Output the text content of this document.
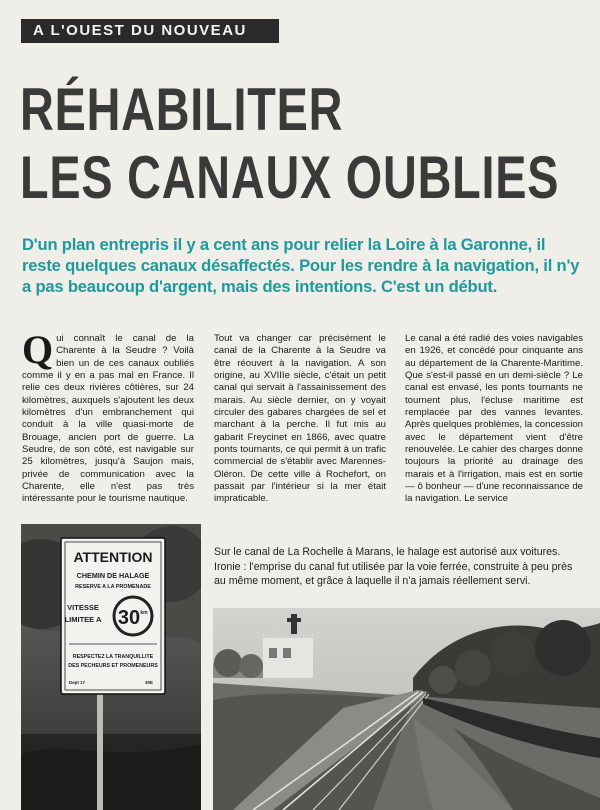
A L'OUEST DU NOUVEAU
RÉHABILITER
LES CANAUX OUBLIES

D'un plan entrepris il y a cent ans pour relier la Loire à la Garonne, il reste quelques canaux désaffectés. Pour les rendre à la navigation, il n'y a pas beaucoup d'argent, mais des intentions. C'est un début.

Qui connaît le canal de la Charente à la Seudre ? Voilà bien un de ces canaux oubliés comme il y en a pas mal en France. Il relie ces deux rivières côtières, sur 24 kilomètres, auxquels s'ajoutent les deux kilomètres d'un embranchement qui conduit à la ville quasi-morte de Brouage, ancien port de guerre. La Seudre, de son côté, est navigable sur 25 kilomètres, jusqu'à Saujon mais, privée de communication avec la Charente, elle n'est pas très intéressante pour le tourisme nautique.

Tout va changer car précisément le canal de la Charente à la Seudre va être réouvert à la navigation. A son origine, au XVIIIe siècle, c'était un petit canal qui servait à l'assainissement des marais. Au siècle dernier, on y voyait circuler des gabares chargées de sel et marchant à la perche. Il fut mis au gabarit Freycinet en 1866, avec quatre ponts tournants, ce qui permit à un trafic commercial de s'établir avec Marennes-Oléron. De cette ville à Rochefort, on passait par l'intérieur si la mer était impraticable.

Le canal a été radié des voies navigables en 1926, et concédé pour cinquante ans au département de la Charente-Maritime. Que s'est-il passé en un demi-siècle ? Le canal est envasé, les ponts tournants ne tournent plus, l'écluse maritime est remplacée par des vannes levantes. Après quelques problèmes, la concession avec le département vient d'être renouvelée. Le cahier des charges donne toujours la priorité au drainage des marais et à l'irrigation, mais est en sortie — ô bonheur — d'une reconnaissance de la navigation. Le service

Sur le canal de La Rochelle à Marans, le halage est autorisé aux voitures. Ironie : l'emprise du canal fut utilisée par la voie ferrée, construite à peu près au même moment, et grâce à laquelle il n'a jamais réellement servi.

ATTENTION
CHEMIN DE HALAGE
RESERVE A LA PROMENADE
VITESSE
LIMITEE A 30 km
RESPECTEZ LA TRANQUILLITE
DES PECHEURS ET PROMENEURS
Dept 17	30E
